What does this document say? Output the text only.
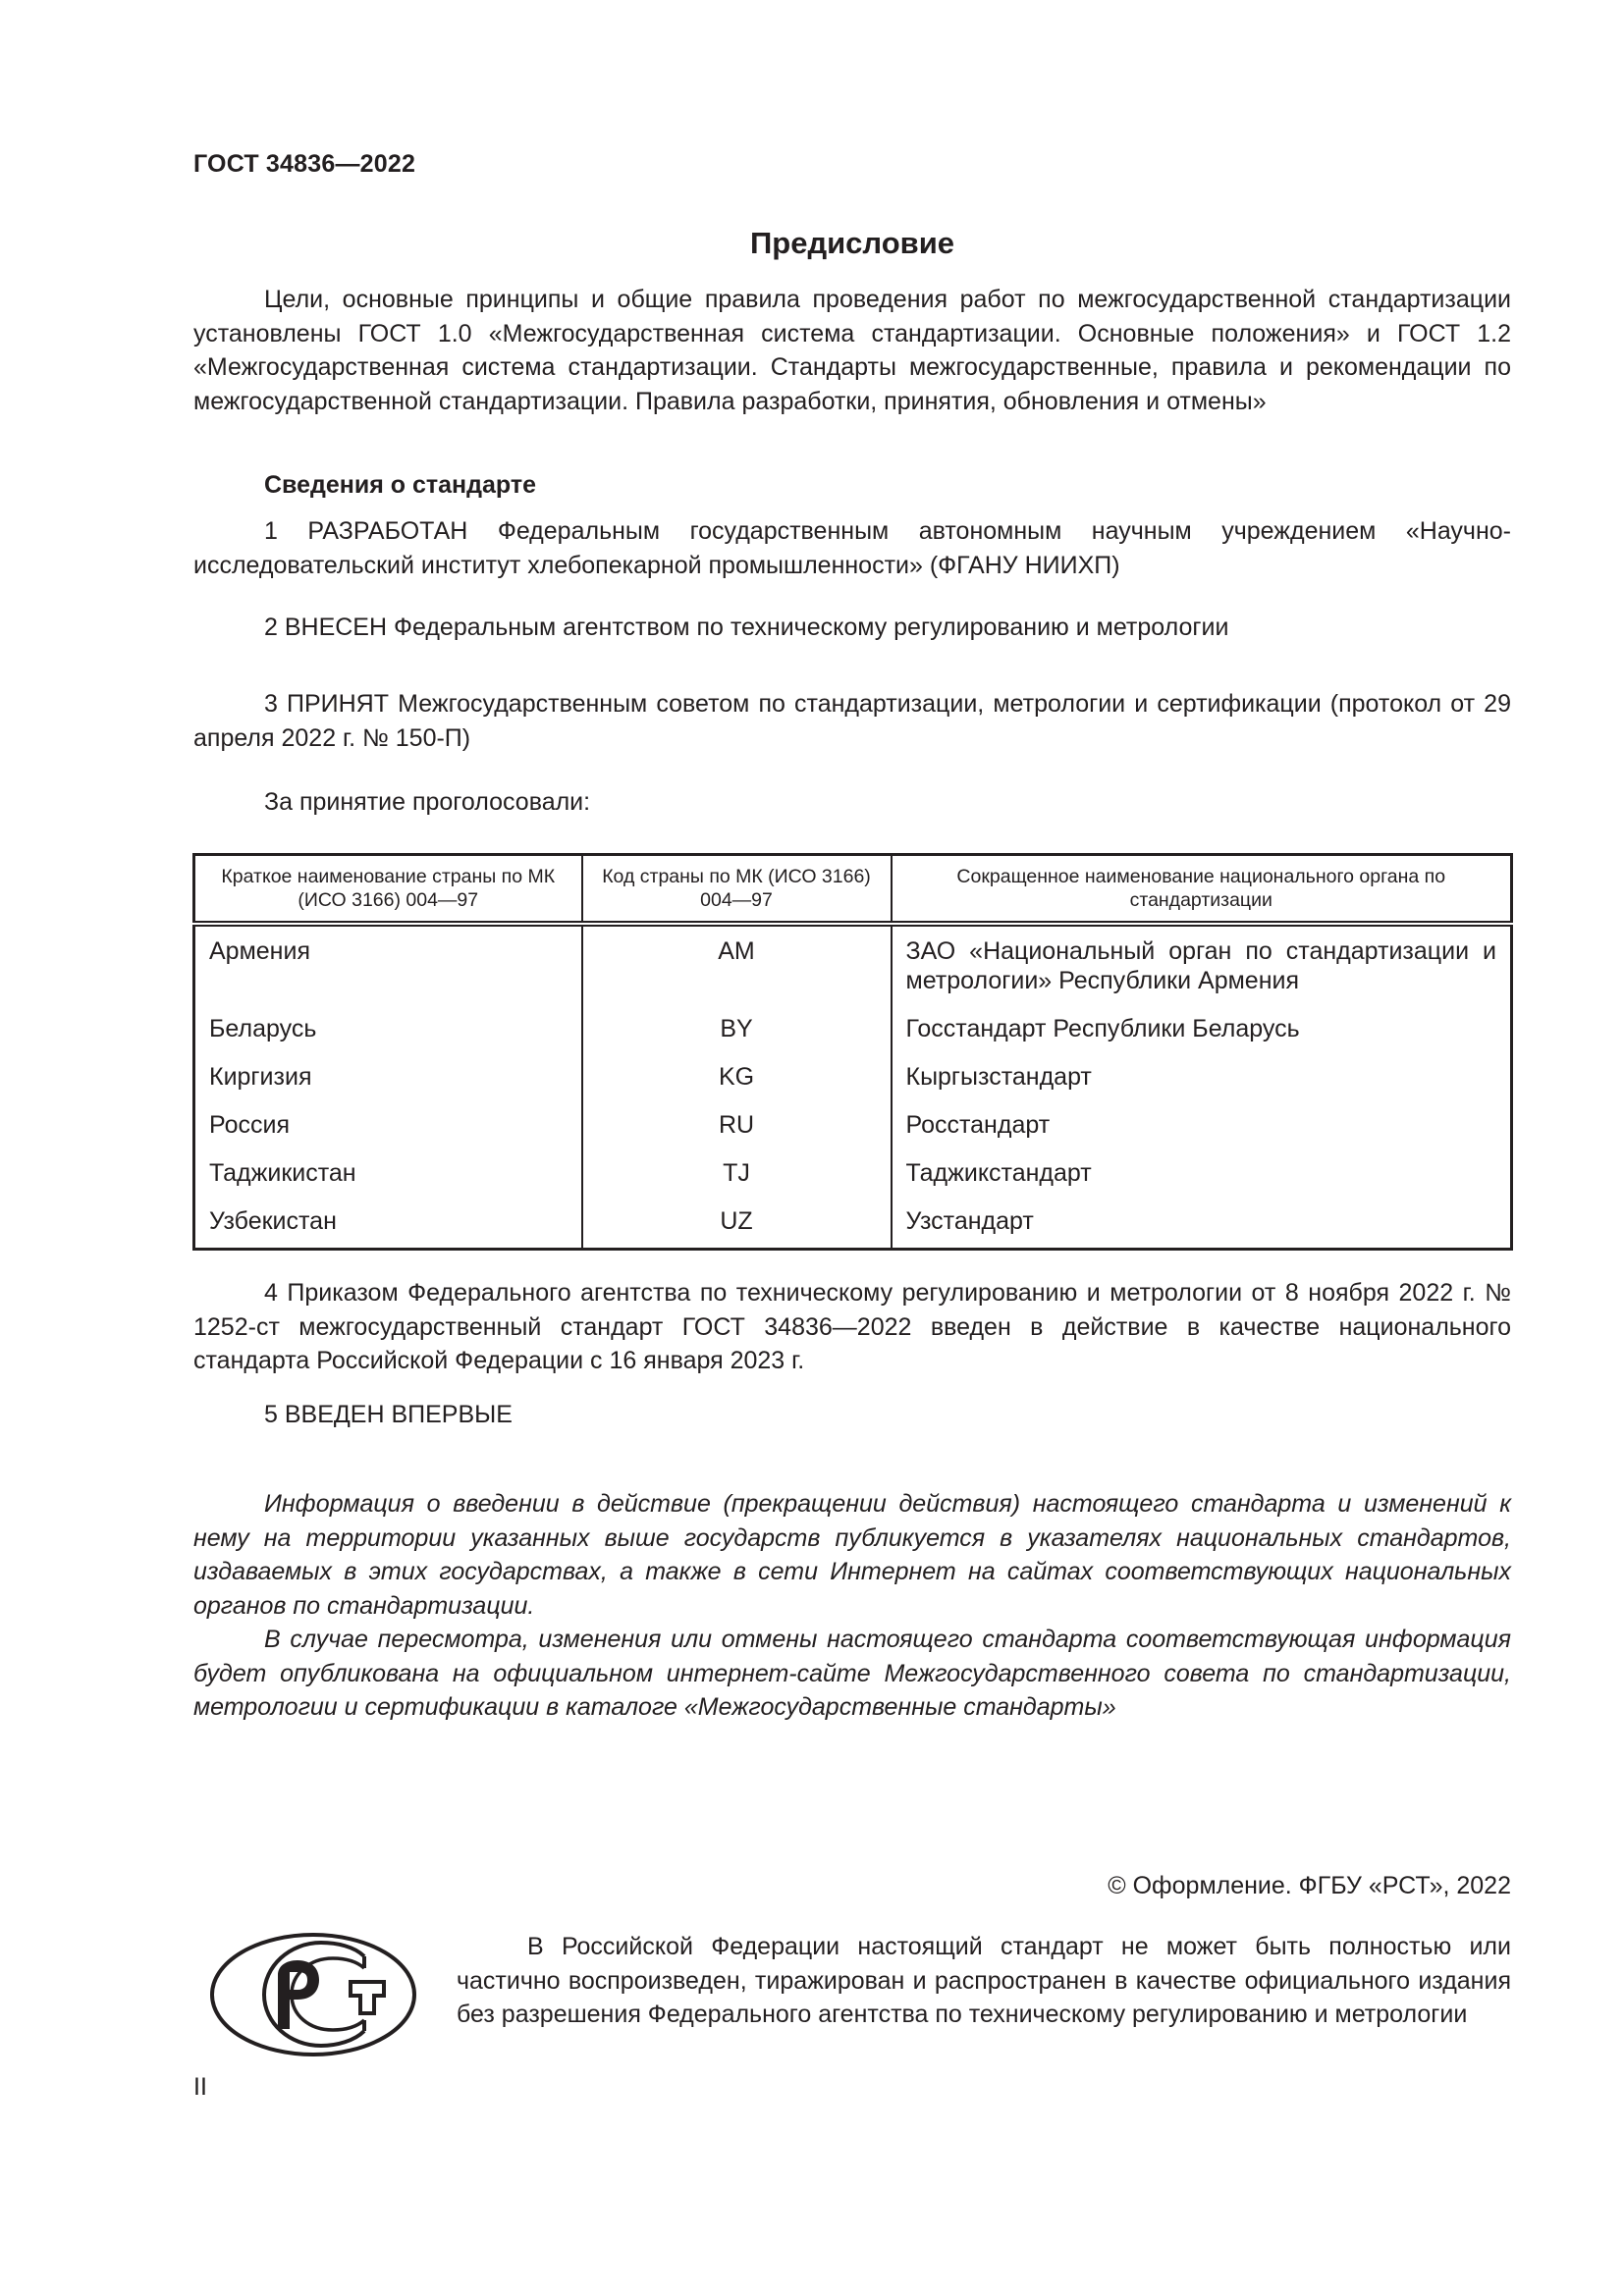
ГОСТ 34836—2022
Предисловие

Цели, основные принципы и общие правила проведения работ по межгосударственной стандартизации установлены ГОСТ 1.0 «Межгосударственная система стандартизации. Основные положения» и ГОСТ 1.2 «Межгосударственная система стандартизации. Стандарты межгосударственные, правила и рекомендации по межгосударственной стандартизации. Правила разработки, принятия, обновления и отмены»

Сведения о стандарте

1 РАЗРАБОТАН Федеральным государственным автономным научным учреждением «Научно-исследовательский институт хлебопекарной промышленности» (ФГАНУ НИИХП)

2 ВНЕСЕН Федеральным агентством по техническому регулированию и метрологии

3 ПРИНЯТ Межгосударственным советом по стандартизации, метрологии и сертификации (протокол от 29 апреля 2022 г. № 150-П)

За принятие проголосовали:

Краткое наименование страны по МК (ИСО 3166) 004—97	Код страны по МК (ИСО 3166) 004—97	Сокращенное наименование национального органа по стандартизации
Армения	AM	ЗАО «Национальный орган по стандартизации и метрологии» Республики Армения
Беларусь	BY	Госстандарт Республики Беларусь
Киргизия	KG	Кыргызстандарт
Россия	RU	Росстандарт
Таджикистан	TJ	Таджикстандарт
Узбекистан	UZ	Узстандарт

4 Приказом Федерального агентства по техническому регулированию и метрологии от 8 ноября 2022 г. № 1252-ст межгосударственный стандарт ГОСТ 34836—2022 введен в действие в качестве национального стандарта Российской Федерации с 16 января 2023 г.

5 ВВЕДЕН ВПЕРВЫЕ

Информация о введении в действие (прекращении действия) настоящего стандарта и изменений к нему на территории указанных выше государств публикуется в указателях национальных стандартов, издаваемых в этих государствах, а также в сети Интернет на сайтах соответствующих национальных органов по стандартизации.

В случае пересмотра, изменения или отмены настоящего стандарта соответствующая информация будет опубликована на официальном интернет-сайте Межгосударственного совета по стандартизации, метрологии и сертификации в каталоге «Межгосударственные стандарты»

© Оформление. ФГБУ «РСТ», 2022

В Российской Федерации настоящий стандарт не может быть полностью или частично воспроизведен, тиражирован и распространен в качестве официального издания без разрешения Федерального агентства по техническому регулированию и метрологии

II
